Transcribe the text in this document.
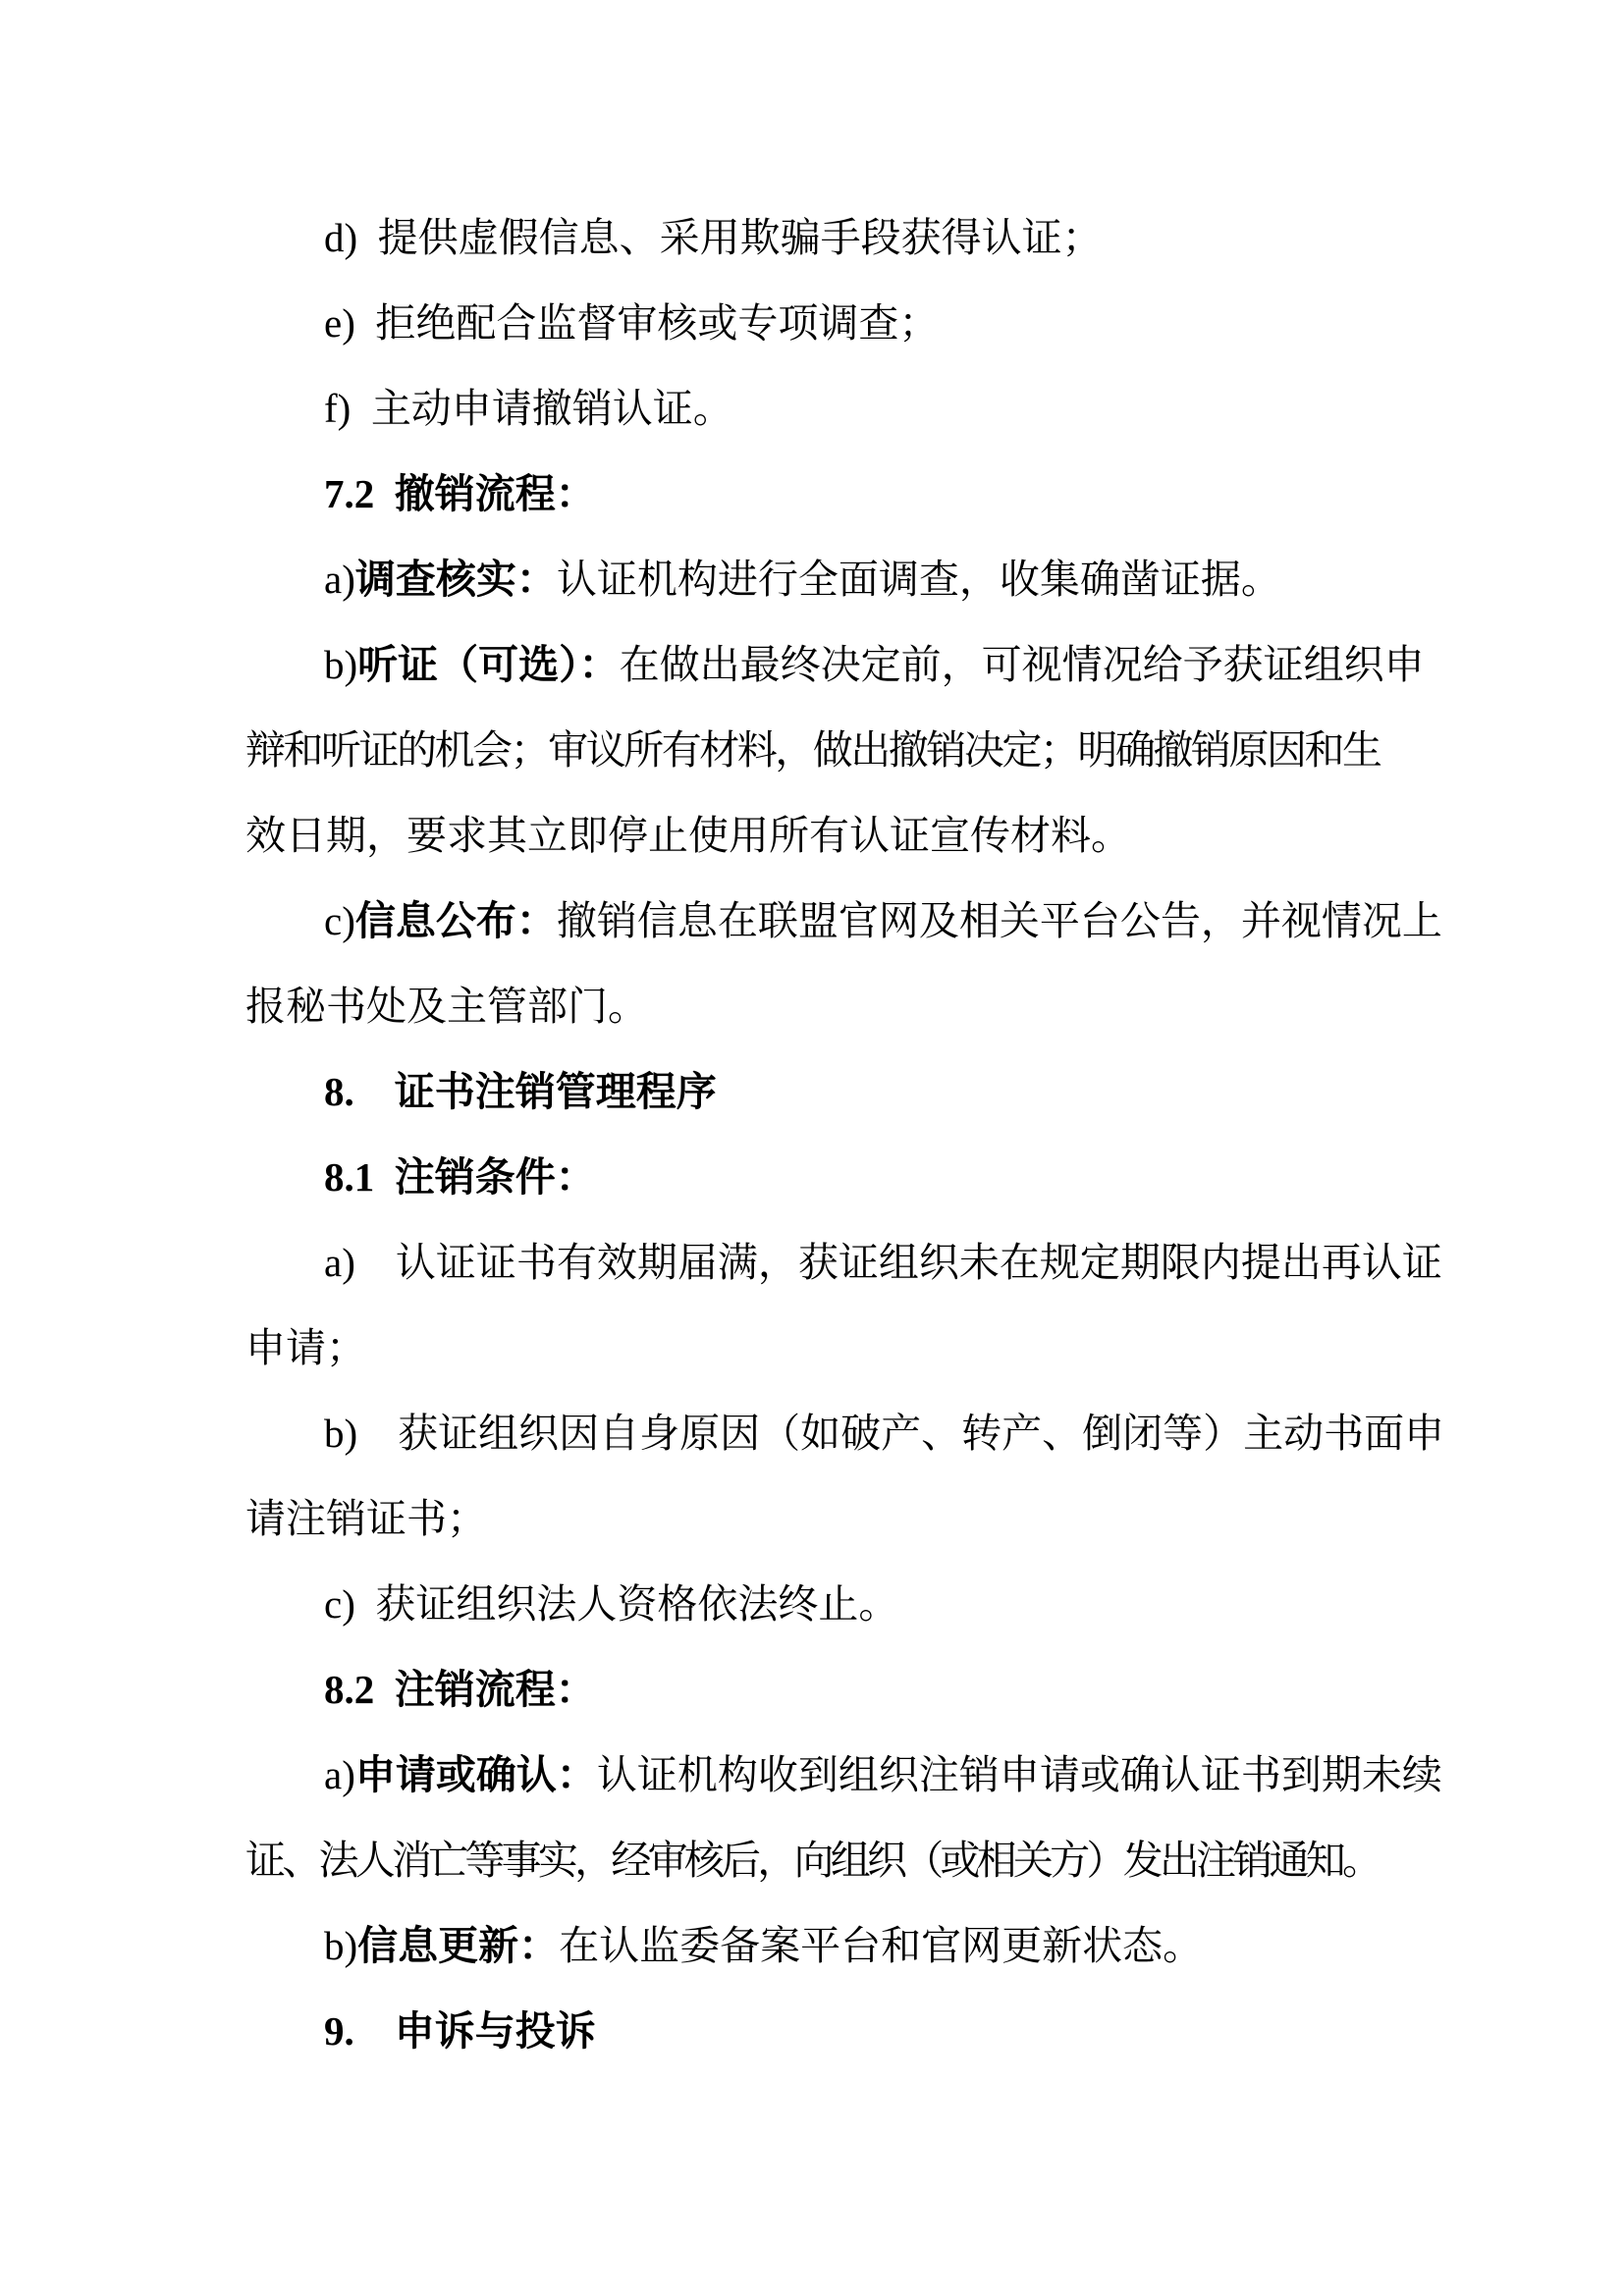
d) 提供虚假信息、采用欺骗手段获得认证；
e) 拒绝配合监督审核或专项调查；
f) 主动申请撤销认证。
7.2 撤销流程：
a)调查核实：认证机构进行全面调查，收集确凿证据。
b)听证（可选）：在做出最终决定前，可视情况给予获证组织申
辩和听证的机会；审议所有材料，做出撤销决定；明确撤销原因和生
效日期，要求其立即停止使用所有认证宣传材料。
c)信息公布：撤销信息在联盟官网及相关平台公告，并视情况上
报秘书处及主管部门。
8.  证书注销管理程序
8.1 注销条件：
a)  认证证书有效期届满，获证组织未在规定期限内提出再认证
申请；
b)  获证组织因自身原因（如破产、转产、倒闭等）主动书面申
请注销证书；
c) 获证组织法人资格依法终止。
8.2 注销流程：
a)申请或确认：认证机构收到组织注销申请或确认证书到期未续
证、法人消亡等事实，经审核后，向组织（或相关方）发出注销通知。
b)信息更新：在认监委备案平台和官网更新状态。
9.  申诉与投诉
